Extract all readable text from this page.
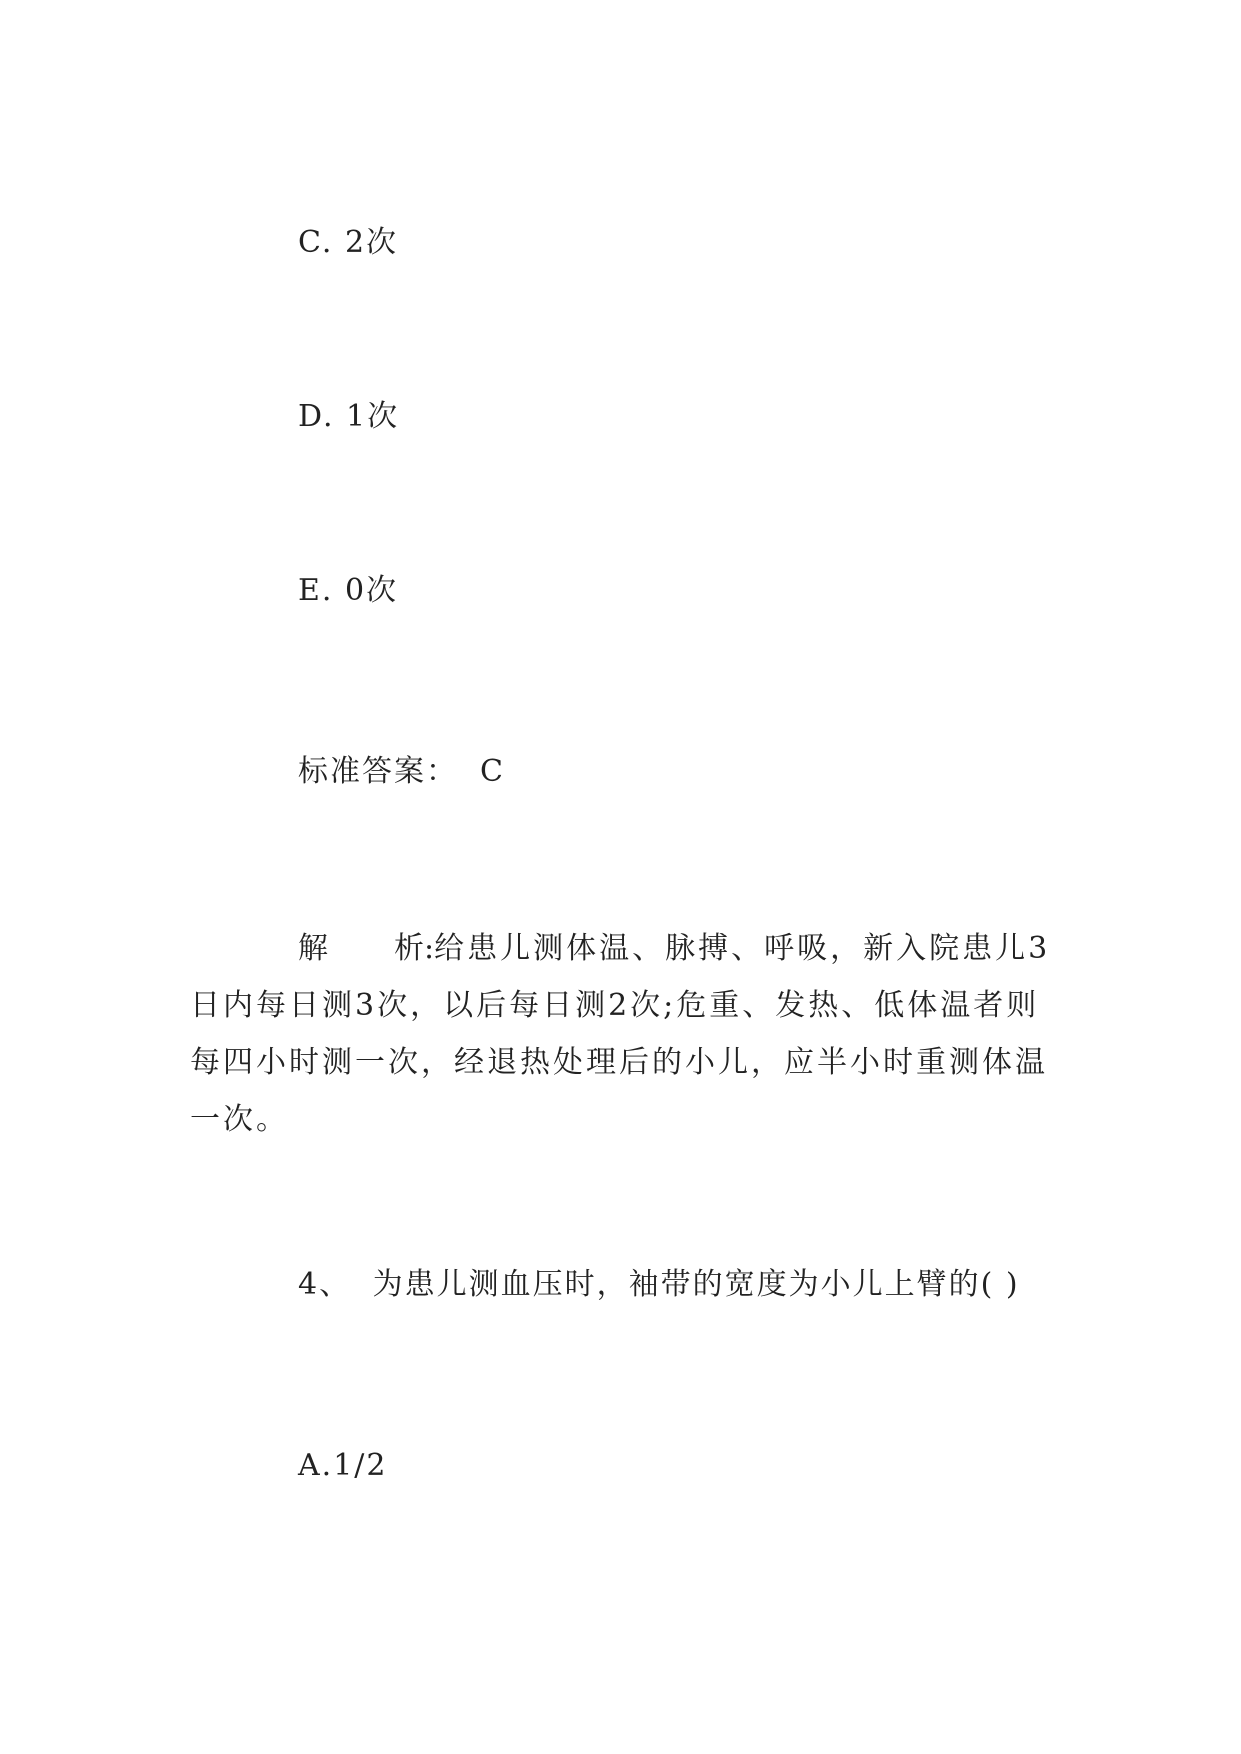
C. 2次
D. 1次
E. 0次
标准答案： C
解 析:给患儿测体温、脉搏、呼吸，新入院患儿3日内每日测3次，以后每日测2次;危重、发热、低体温者则每四小时测一次，经退热处理后的小儿，应半小时重测体温一次。
4、 为患儿测血压时，袖带的宽度为小儿上臂的( )
A.1/2
